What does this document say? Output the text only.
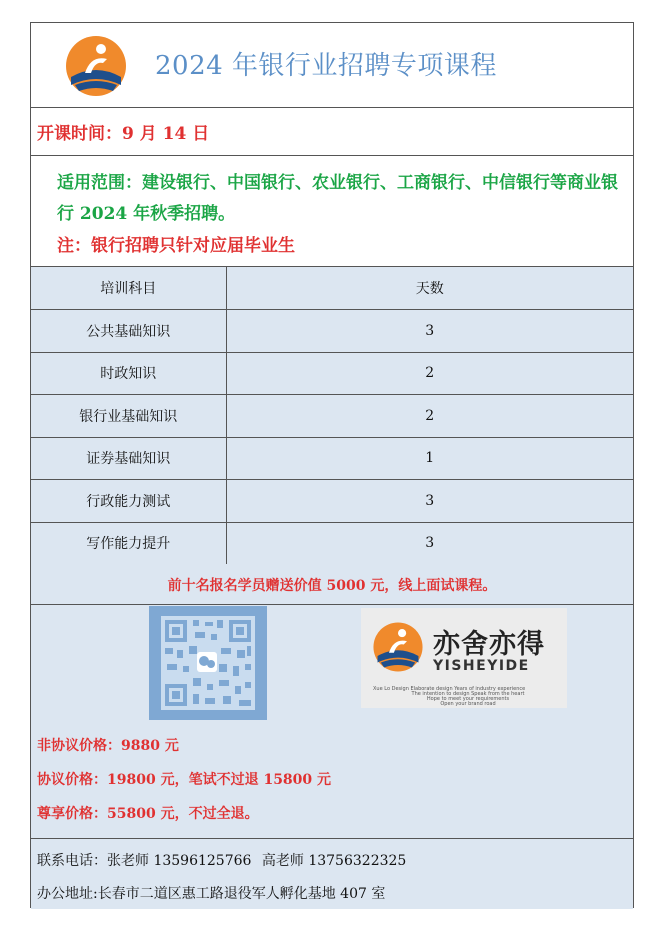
2024 年银行业招聘专项课程
开课时间：9 月 14 日
适用范围：建设银行、中国银行、农业银行、工商银行、中信银行等商业银行 2024 年秋季招聘。
注：银行招聘只针对应届毕业生
培训科目	天数
公共基础知识	3
时政知识	2
银行业基础知识	2
证券基础知识	1
行政能力测试	3
写作能力提升	3
前十名报名学员赠送价值 5000 元，线上面试课程。
亦舍亦得
YISHEYIDE
Xue Lo Design Elaborate design Years of industry experience
The intention to design Speak from the heart
Hope to meet your requirements
Open your brand road
非协议价格：9880 元
协议价格：19800 元，笔试不过退 15800 元
尊享价格：55800 元，不过全退。
联系电话：张老师 13596125766 高老师 13756322325
办公地址:长春市二道区惠工路退役军人孵化基地 407 室
